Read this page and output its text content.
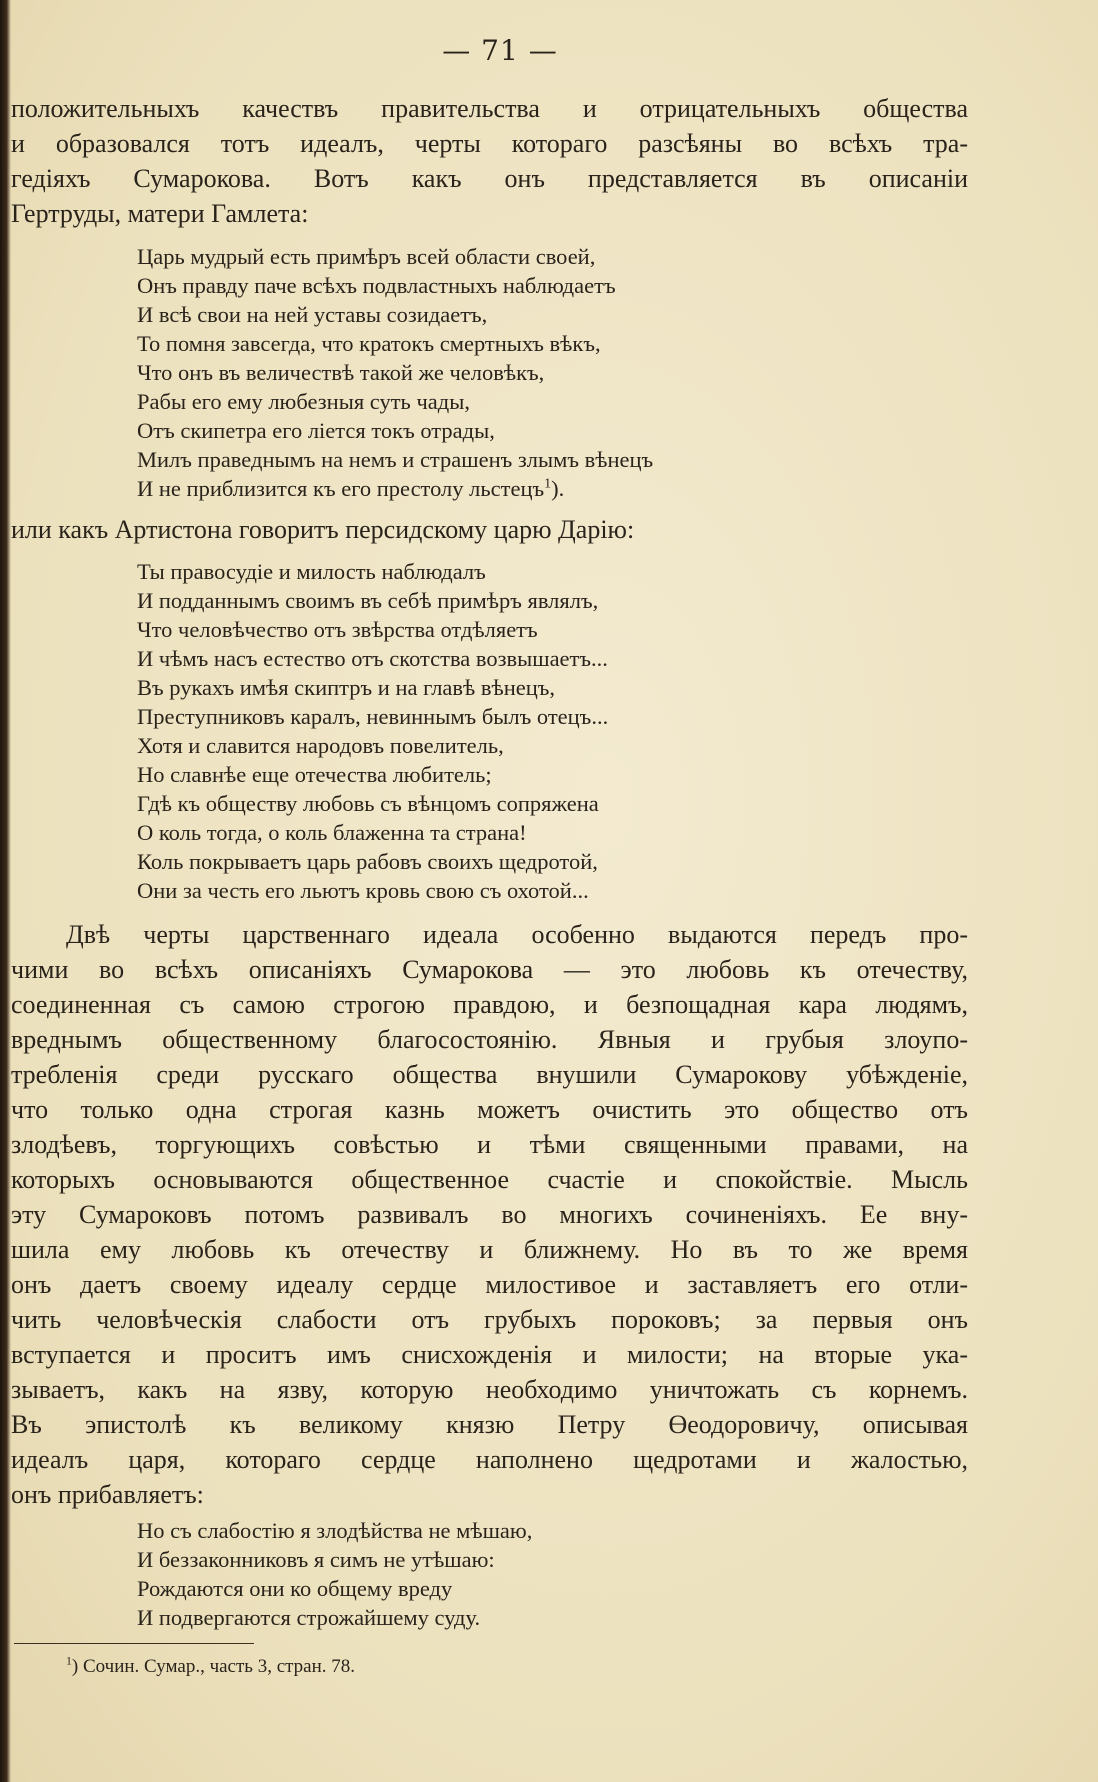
— 71 —
положительныхъ качествъ правительства и отрицательныхъ общества
и образовался тотъ идеалъ, черты котораго разсѣяны во всѣхъ тра-
гедіяхъ Сумарокова. Вотъ какъ онъ представляется въ описаніи
Гертруды, матери Гамлета:
Царь мудрый есть примѣръ всей области своей,
Онъ правду паче всѣхъ подвластныхъ наблюдаетъ
И всѣ свои на ней уставы созидаетъ,
То помня завсегда, что кратокъ смертныхъ вѣкъ,
Что онъ въ величествѣ такой же человѣкъ,
Рабы его ему любезныя суть чады,
Отъ скипетра его лiется токъ отрады,
Милъ праведнымъ на немъ и страшенъ злымъ вѣнецъ
И не приблизится къ его престолу льстецъ$^1$).
или какъ Артистона говоритъ персидскому царю Дарію:
Ты правосудіе и милость наблюдалъ
И подданнымъ своимъ въ себѣ примѣръ являлъ,
Что человѣчество отъ звѣрства отдѣляетъ
И чѣмъ насъ естество отъ скотства возвышаетъ...
Въ рукахъ имѣя скиптръ и на главѣ вѣнецъ,
Преступниковъ каралъ, невиннымъ былъ отецъ...
Хотя и славится народовъ повелитель,
Но славнѣе еще отечества любитель;
Гдѣ къ обществу любовь съ вѣнцомъ сопряжена
О коль тогда, о коль блаженна та страна!
Коль покрываетъ царь рабовъ своихъ щедротой,
Они за честь его льютъ кровь свою съ охотой...
Двѣ черты царственнаго идеала особенно выдаются передъ про-
чими во всѣхъ описаніяхъ Сумарокова — это любовь къ отечеству,
соединенная съ самою строгою правдою, и безпощадная кара людямъ,
вреднымъ общественному благосостоянію. Явныя и грубыя злоупо-
требленія среди русскаго общества внушили Сумарокову убѣжденіе,
что только одна строгая казнь можетъ очистить это общество отъ
злодѣевъ, торгующихъ совѣстью и тѣми священными правами, на
которыхъ основываются общественное счастіе и спокойствіе. Мысль
эту Сумароковъ потомъ развивалъ во многихъ сочиненіяхъ. Ее вну-
шила ему любовь къ отечеству и ближнему. Но въ то же время
онъ даетъ своему идеалу сердце милостивое и заставляетъ его отли-
чить человѣческія слабости отъ грубыхъ пороковъ; за первыя онъ
вступается и проситъ имъ снисхожденія и милости; на вторые ука-
зываетъ, какъ на язву, которую необходимо уничтожать съ корнемъ.
Въ эпистолѣ къ великому князю Петру Өеодоровичу, описывая
идеалъ царя, котораго сердце наполнено щедротами и жалостью,
онъ прибавляетъ:
Но съ слабостію я злодѣйства не мѣшаю,
И беззаконниковъ я симъ не утѣшаю:
Рождаются они ко общему вреду
И подвергаются строжайшему суду.
$^1$) Сочин. Сумар., часть 3, стран. 78.
